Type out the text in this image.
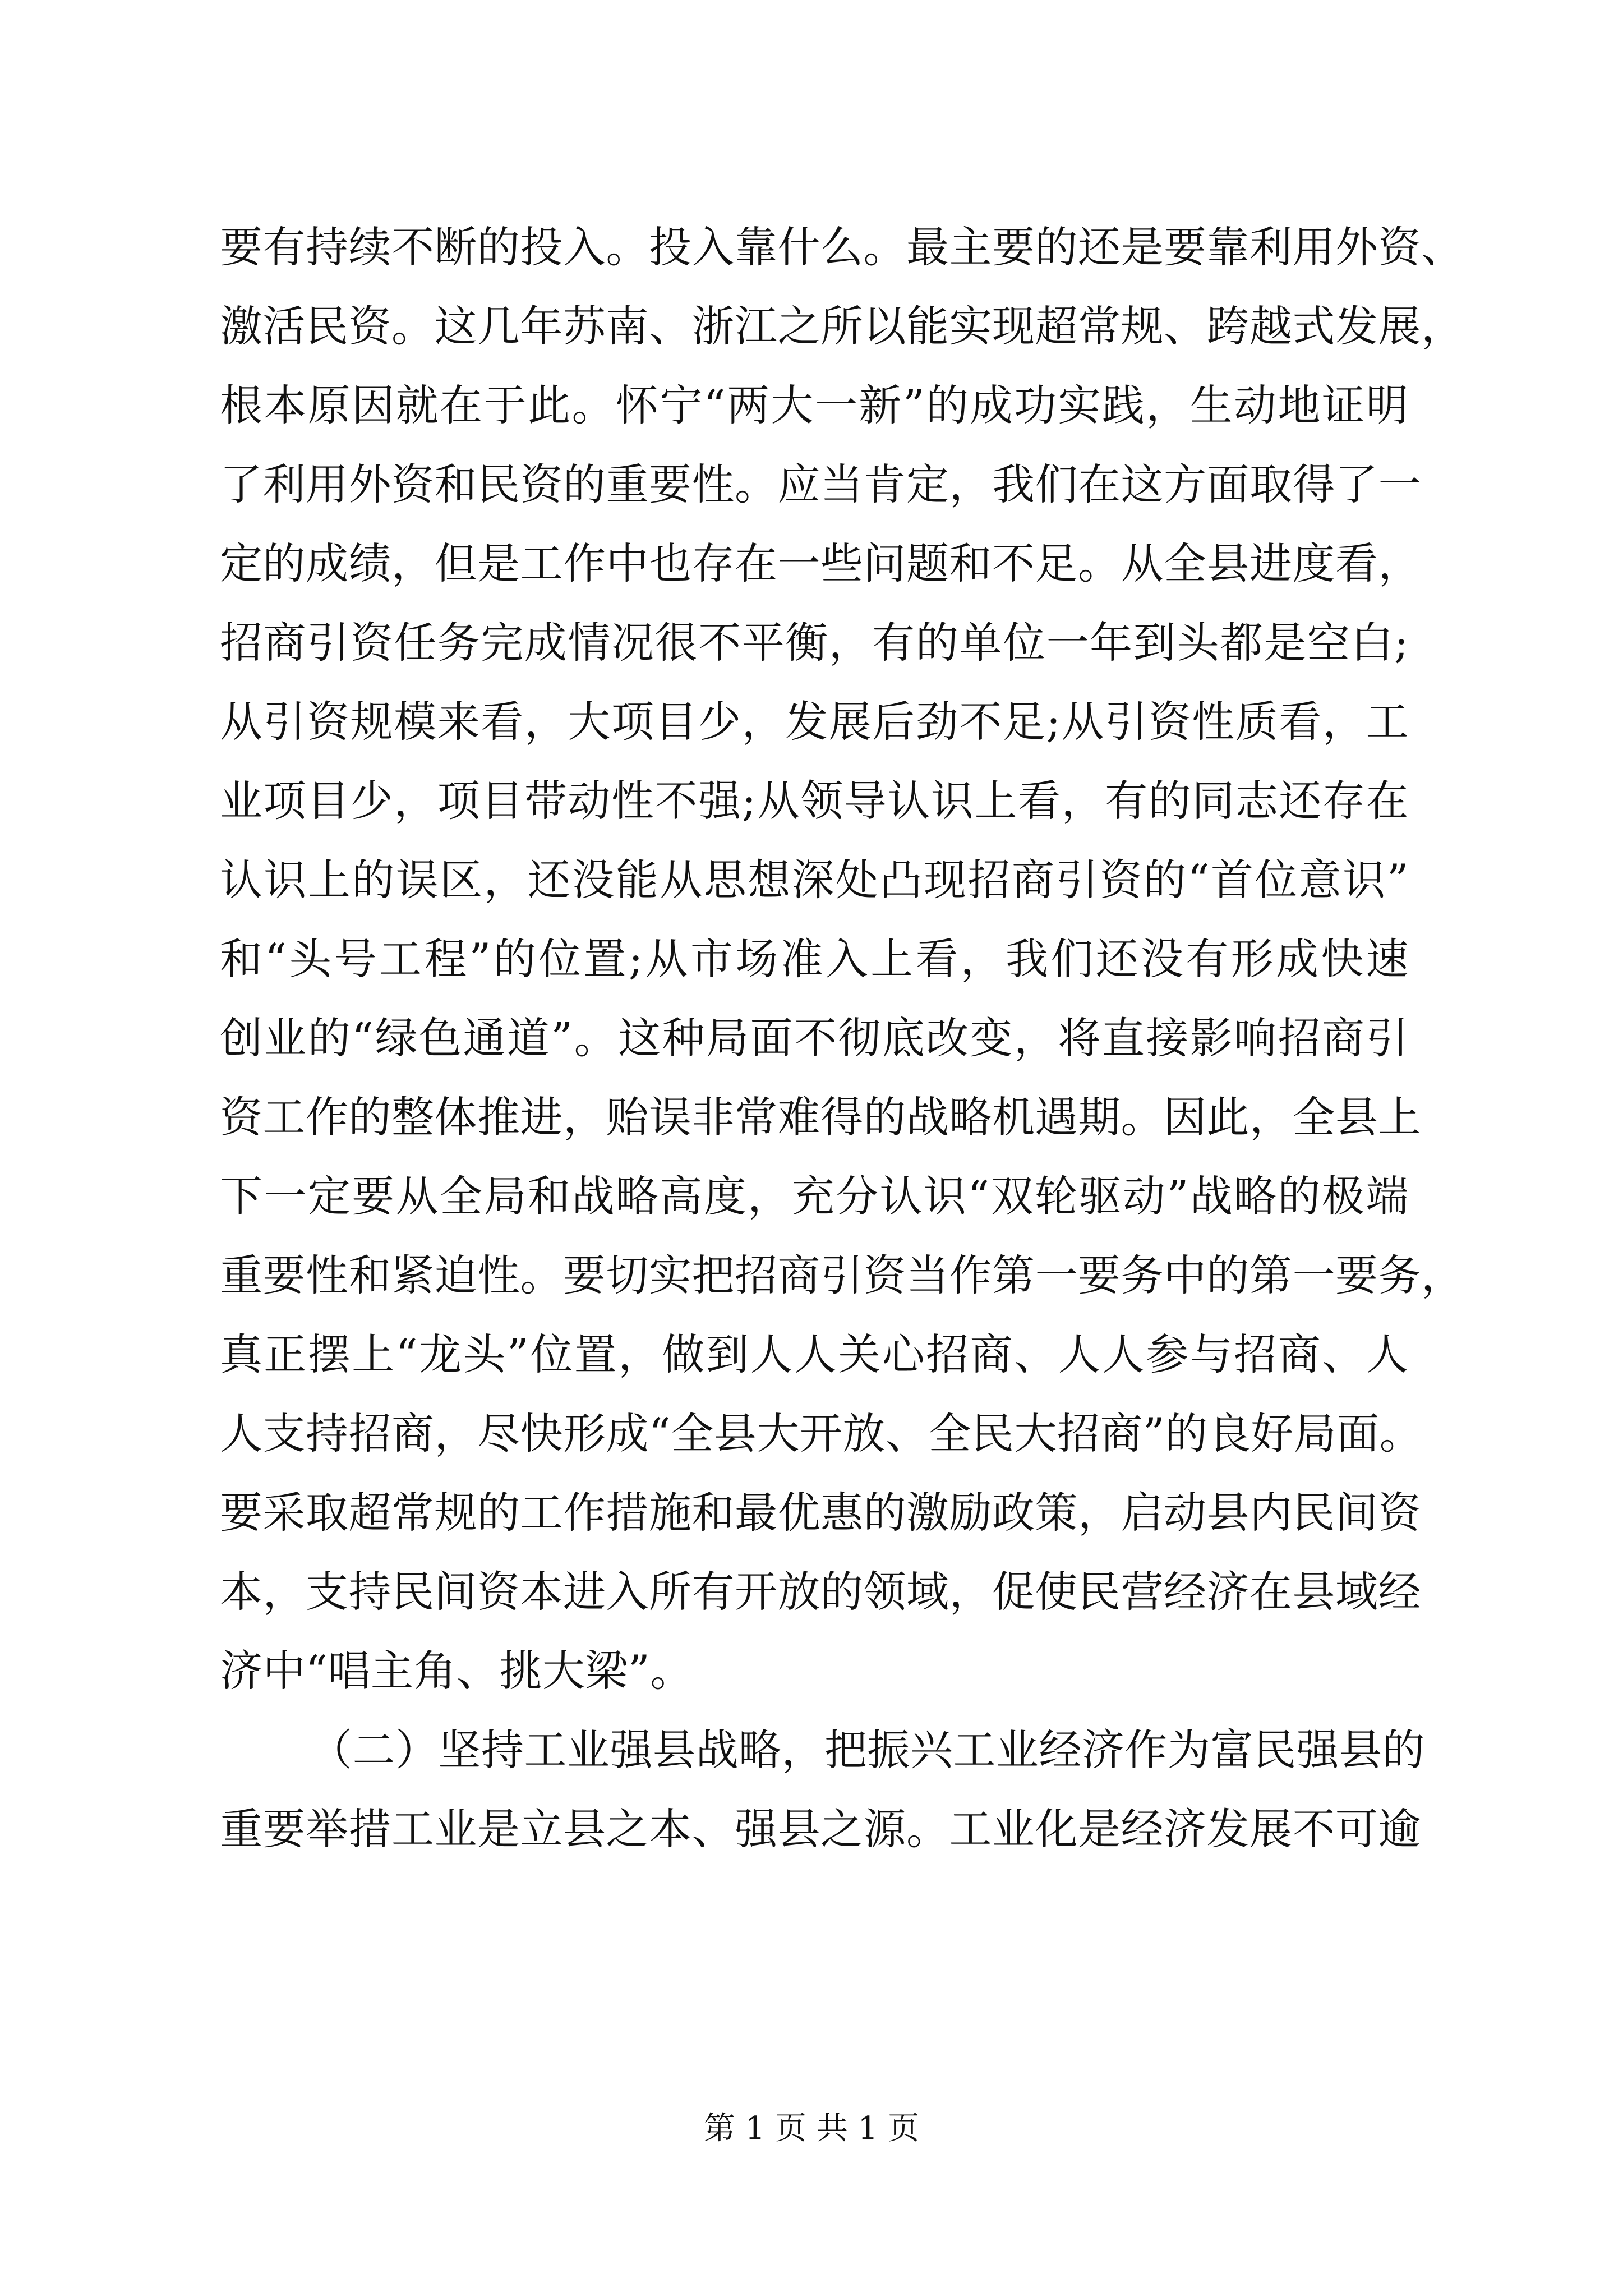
要有持续不断的投入。投入靠什么。最主要的还是要靠利用外资、
激活民资。这几年苏南、浙江之所以能实现超常规、跨越式发展，
根本原因就在于此。怀宁“两大一新”的成功实践，生动地证明
了利用外资和民资的重要性。应当肯定，我们在这方面取得了一
定的成绩，但是工作中也存在一些问题和不足。从全县进度看，
招商引资任务完成情况很不平衡，有的单位一年到头都是空白;
从引资规模来看，大项目少，发展后劲不足;从引资性质看，工
业项目少，项目带动性不强;从领导认识上看，有的同志还存在
认识上的误区，还没能从思想深处凸现招商引资的“首位意识”
和“头号工程”的位置;从市场准入上看，我们还没有形成快速
创业的“绿色通道”。这种局面不彻底改变，将直接影响招商引
资工作的整体推进，贻误非常难得的战略机遇期。因此，全县上
下一定要从全局和战略高度，充分认识“双轮驱动”战略的极端
重要性和紧迫性。要切实把招商引资当作第一要务中的第一要务，
真正摆上“龙头”位置，做到人人关心招商、人人参与招商、人
人支持招商，尽快形成“全县大开放、全民大招商”的良好局面。
要采取超常规的工作措施和最优惠的激励政策，启动县内民间资
本，支持民间资本进入所有开放的领域，促使民营经济在县域经
济中“唱主角、挑大梁”。
（二）坚持工业强县战略，把振兴工业经济作为富民强县的
重要举措工业是立县之本、强县之源。工业化是经济发展不可逾
第 1 页 共 1 页
